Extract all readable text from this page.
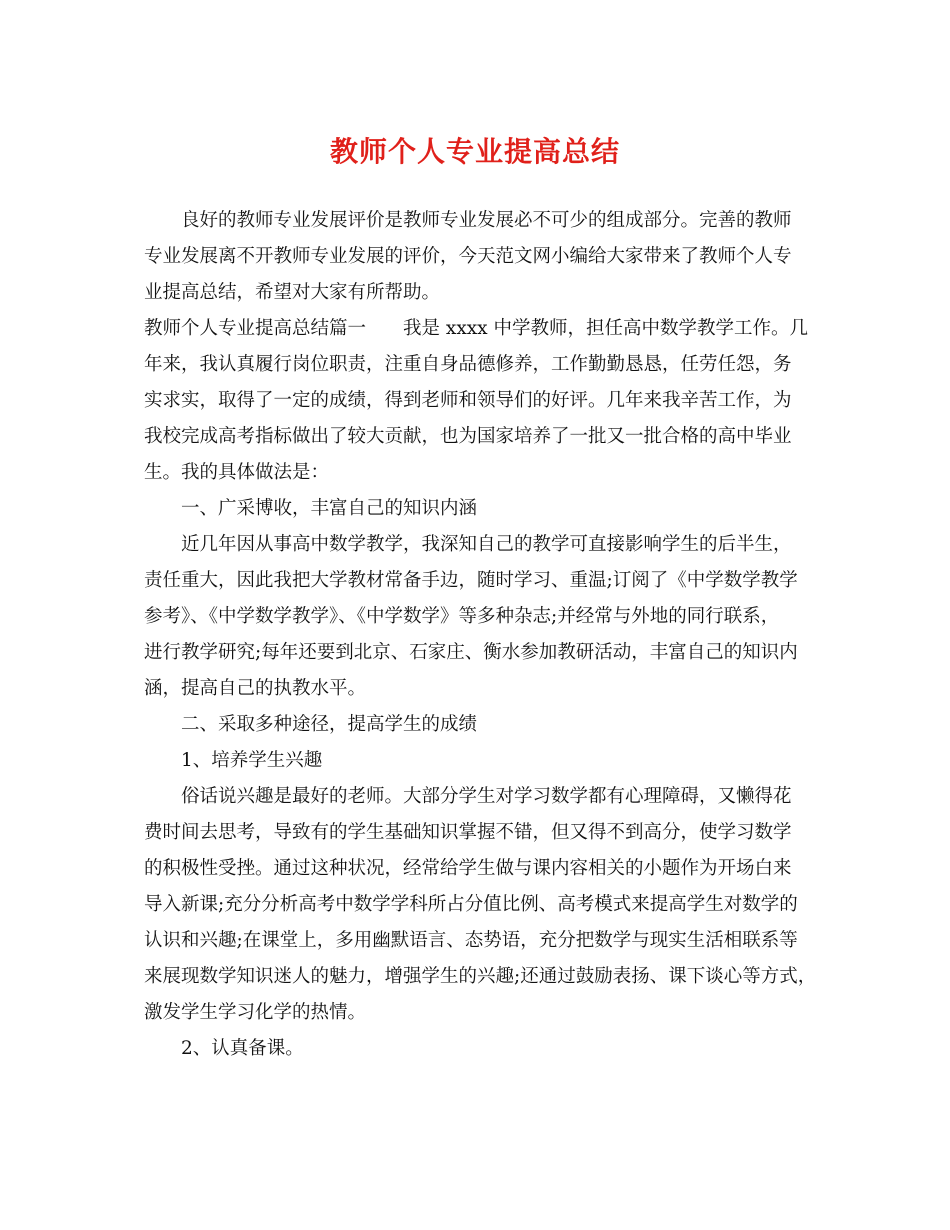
教师个人专业提高总结
良好的教师专业发展评价是教师专业发展必不可少的组成部分。完善的教师
专业发展离不开教师专业发展的评价，今天范文网小编给大家带来了教师个人专
业提高总结，希望对大家有所帮助。
教师个人专业提高总结篇一　　我是 xxxx 中学教师，担任高中数学教学工作。几
年来，我认真履行岗位职责，注重自身品德修养，工作勤勤恳恳，任劳任怨，务
实求实，取得了一定的成绩，得到老师和领导们的好评。几年来我辛苦工作，为
我校完成高考指标做出了较大贡献，也为国家培养了一批又一批合格的高中毕业
生。我的具体做法是：
一、广采博收，丰富自己的知识内涵
近几年因从事高中数学教学，我深知自己的教学可直接影响学生的后半生，
责任重大，因此我把大学教材常备手边，随时学习、重温;订阅了《中学数学教学
参考》、《中学数学教学》、《中学数学》等多种杂志;并经常与外地的同行联系，
进行教学研究;每年还要到北京、石家庄、衡水参加教研活动，丰富自己的知识内
涵，提高自己的执教水平。
二、采取多种途径，提高学生的成绩
1、培养学生兴趣
俗话说兴趣是最好的老师。大部分学生对学习数学都有心理障碍，又懒得花
费时间去思考，导致有的学生基础知识掌握不错，但又得不到高分，使学习数学
的积极性受挫。通过这种状况，经常给学生做与课内容相关的小题作为开场白来
导入新课;充分分析高考中数学学科所占分值比例、高考模式来提高学生对数学的
认识和兴趣;在课堂上，多用幽默语言、态势语，充分把数学与现实生活相联系等
来展现数学知识迷人的魅力，增强学生的兴趣;还通过鼓励表扬、课下谈心等方式，
激发学生学习化学的热情。
2、认真备课。
